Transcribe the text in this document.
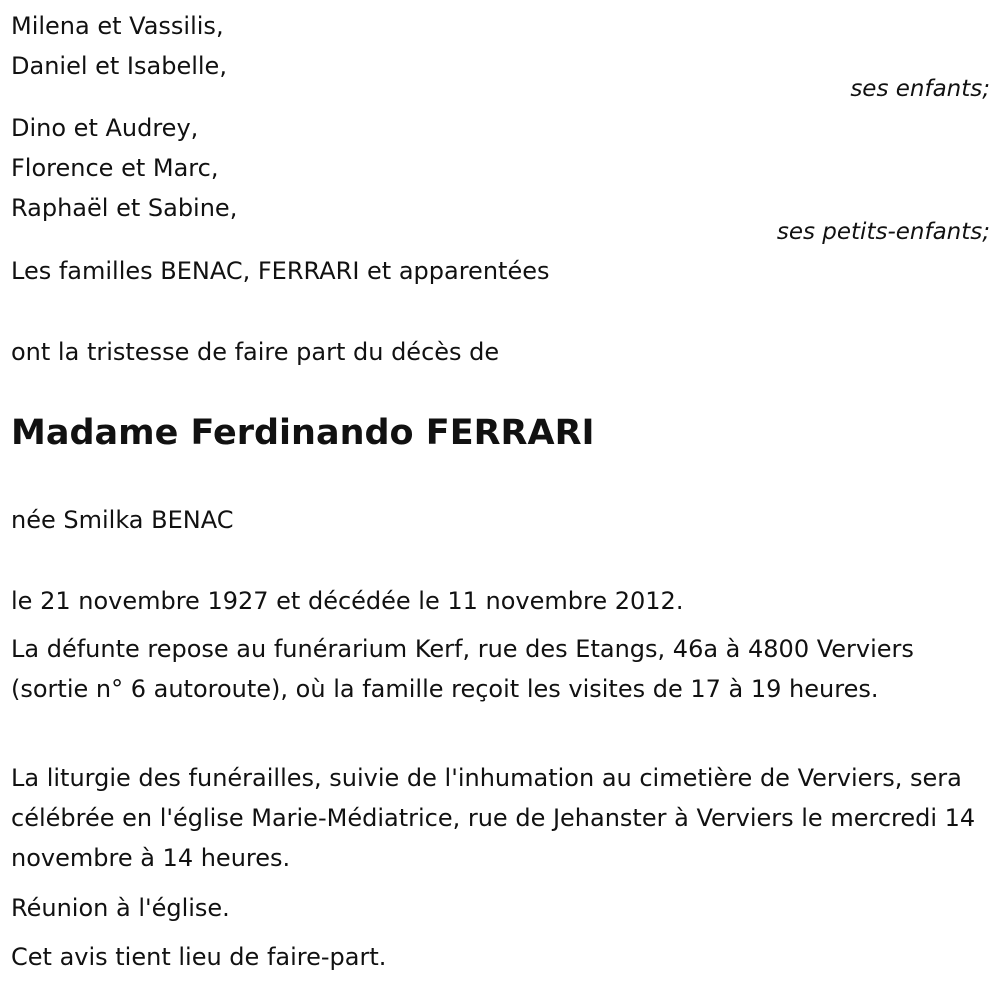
Milena et Vassilis,

Daniel et Isabelle,

ses enfants;

Dino et Audrey,

Florence et Marc,

Raphaël et Sabine,

ses petits-enfants;

Les familles BENAC, FERRARI et apparentées

ont la tristesse de faire part du décès de

Madame Ferdinando FERRARI

née Smilka BENAC

le 21 novembre 1927 et décédée le 11 novembre 2012.

La défunte repose au funérarium Kerf, rue des Etangs, 46a à 4800 Verviers (sortie n° 6 autoroute), où la famille reçoit les visites de 17 à 19 heures.

La liturgie des funérailles, suivie de l'inhumation au cimetière de Verviers, sera célébrée en l'église Marie-Médiatrice, rue de Jehanster à Verviers le mercredi 14 novembre à 14 heures.

Réunion à l'église.

Cet avis tient lieu de faire-part.
